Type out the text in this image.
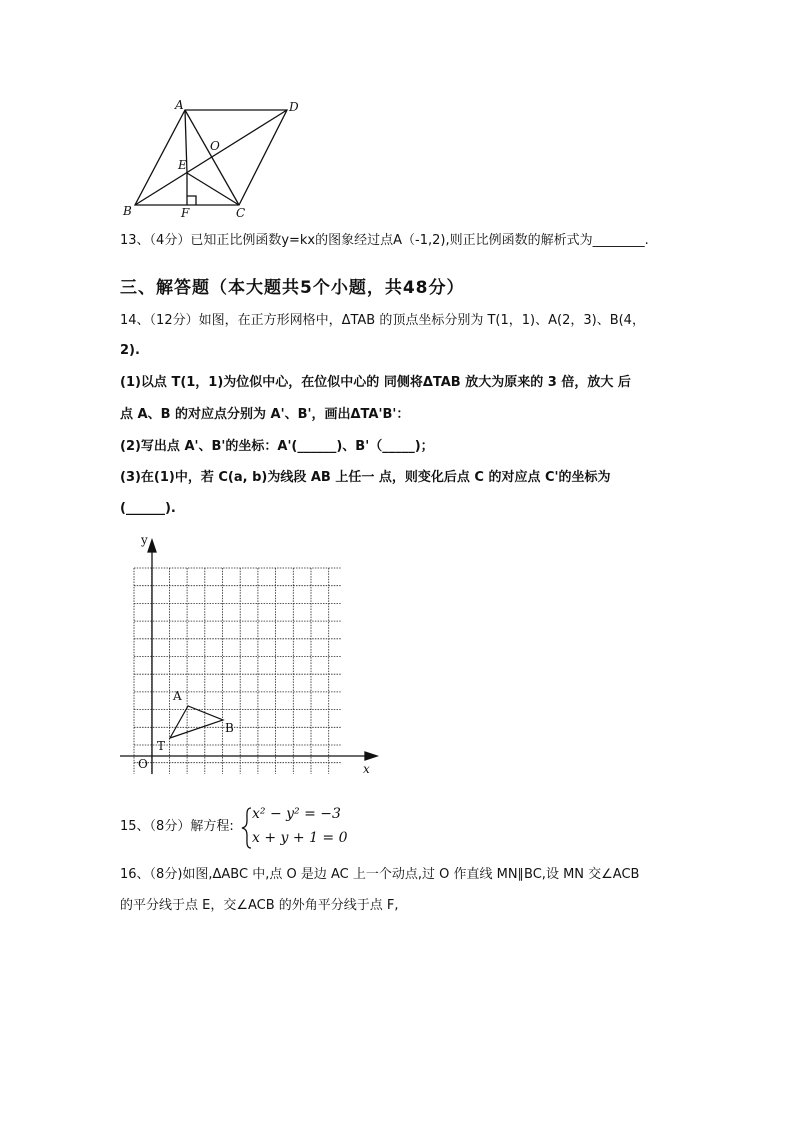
A	D
O
E
B	F	C
13、（4分）已知正比例函数y=kx的图象经过点A（-1,2),则正比例函数的解析式为________.
三、解答题（本大题共5个小题，共48分）
14、（12分）如图，在正方形网格中，ΔTAB 的顶点坐标分别为 T(1，1)、A(2，3)、B(4，
2).
(1)以点 T(1，1)为位似中心，在位似中心的 同侧将ΔTAB 放大为原来的 3 倍，放大 后
点 A、B 的对应点分别为 A'、B'，画出ΔTA'B'：
(2)写出点 A'、B'的坐标：A'(______)、B'（_____)；
(3)在(1)中，若 C(a, b)为线段 AB 上任一 点，则变化后点 C 的对应点 C'的坐标为
(______).
y
x
O
T
A
B
15、（8分）解方程:
x² − y² = −3
x + y + 1 = 0
16、（8分)如图,ΔABC 中,点 O 是边 AC 上一个动点,过 O 作直线 MN∥BC,设 MN 交∠ACB
的平分线于点 E，交∠ACB 的外角平分线于点 F,
